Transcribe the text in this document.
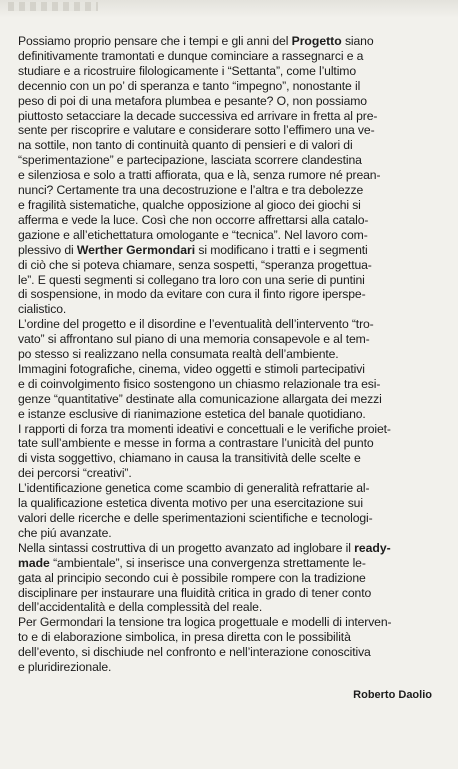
Possiamo proprio pensare che i tempi e gli anni del Progetto siano
definitivamente tramontati e dunque cominciare a rassegnarci e a
studiare e a ricostruire filologicamente i “Settanta”, come l’ultimo
decennio con un po’ di speranza e tanto “impegno”, nonostante il
peso di poi di una metafora plumbea e pesante? O, non possiamo
piuttosto setacciare la decade successiva ed arrivare in fretta al pre-
sente per riscoprire e valutare e considerare sotto l’effimero una ve-
na sottile, non tanto di continuità quanto di pensieri e di valori di
“sperimentazione” e partecipazione, lasciata scorrere clandestina
e silenziosa e solo a tratti affiorata, qua e là, senza rumore né prean-
nunci? Certamente tra una decostruzione e l’altra e tra debolezze
e fragilità sistematiche, qualche opposizione al gioco dei giochi si
afferma e vede la luce. Così che non occorre affrettarsi alla catalo-
gazione e all’etichettatura omologante e “tecnica”. Nel lavoro com-
plessivo di Werther Germondari si modificano i tratti e i segmenti
di ciò che si poteva chiamare, senza sospetti, “speranza progettua-
le”. E questi segmenti si collegano tra loro con una serie di puntini
di sospensione, in modo da evitare con cura il finto rigore iperspe-
cialistico.

L’ordine del progetto e il disordine e l’eventualità dell’intervento “tro-
vato” si affrontano sul piano di una memoria consapevole e al tem-
po stesso si realizzano nella consumata realtà dell’ambiente.
Immagini fotografiche, cinema, video oggetti e stimoli partecipativi
e di coinvolgimento fisico sostengono un chiasmo relazionale tra esi-
genze “quantitative” destinate alla comunicazione allargata dei mezzi
e istanze esclusive di rianimazione estetica del banale quotidiano.
I rapporti di forza tra momenti ideativi e concettuali e le verifiche proiet-
tate sull’ambiente e messe in forma a contrastare l’unicità del punto
di vista soggettivo, chiamano in causa la transitività delle scelte e
dei percorsi “creativi”.

L’identificazione genetica come scambio di generalità refrattarie al-
la qualificazione estetica diventa motivo per una esercitazione sui
valori delle ricerche e delle sperimentazioni scientifiche e tecnologi-
che piú avanzate.

Nella sintassi costruttiva di un progetto avanzato ad inglobare il ready-
made “ambientale”, si inserisce una convergenza strettamente le-
gata al principio secondo cui è possibile rompere con la tradizione
disciplinare per instaurare una fluidità critica in grado di tener conto
dell’accidentalità e della complessità del reale.

Per Germondari la tensione tra logica progettuale e modelli di interven-
to e di elaborazione simbolica, in presa diretta con le possibilità
dell’evento, si dischiude nel confronto e nell’interazione conoscitiva
e pluridirezionale.

Roberto Daolio
